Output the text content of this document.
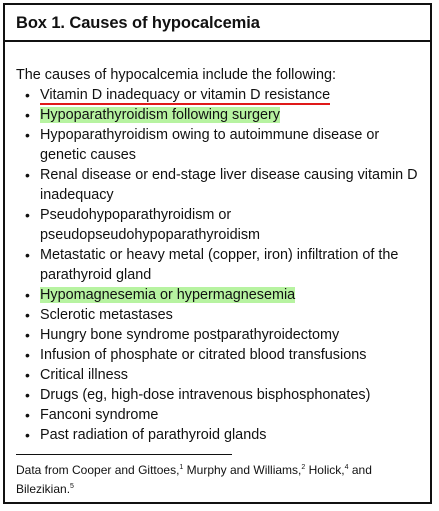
Box 1. Causes of hypocalcemia
The causes of hypocalcemia include the following:
• Vitamin D inadequacy or vitamin D resistance
• Hypoparathyroidism following surgery
• Hypoparathyroidism owing to autoimmune disease or genetic causes
• Renal disease or end-stage liver disease causing vitamin D inadequacy
• Pseudohypoparathyroidism or pseudopseudohypoparathyroidism
• Metastatic or heavy metal (copper, iron) infiltration of the parathyroid gland
• Hypomagnesemia or hypermagnesemia
• Sclerotic metastases
• Hungry bone syndrome postparathyroidectomy
• Infusion of phosphate or citrated blood transfusions
• Critical illness
• Drugs (eg, high-dose intravenous bisphosphonates)
• Fanconi syndrome
• Past radiation of parathyroid glands
Data from Cooper and Gittoes,$^1$ Murphy and Williams,$^2$ Holick,$^4$ and Bilezikian.$^5$
